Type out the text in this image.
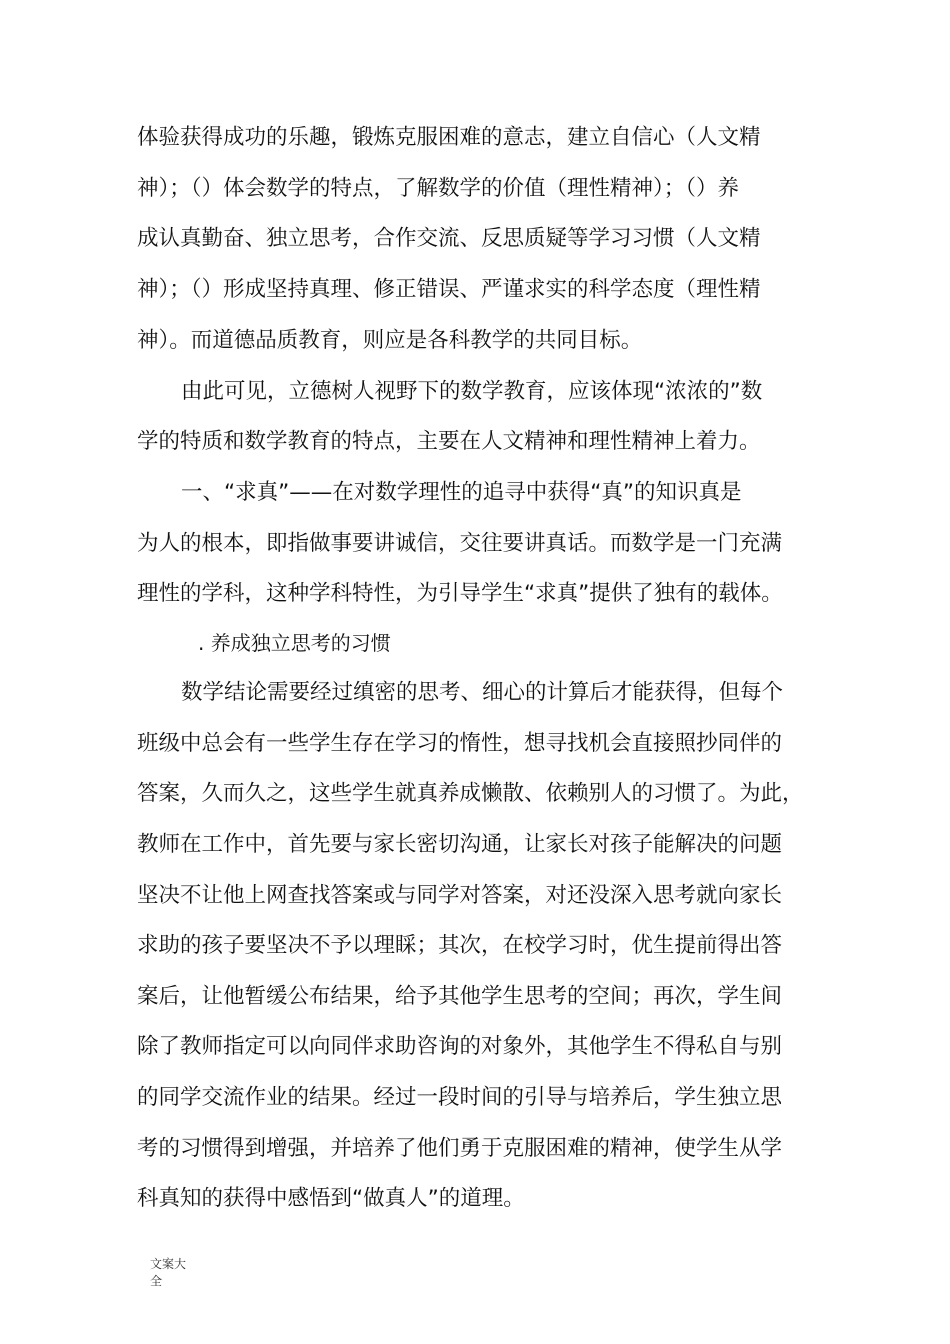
体验获得成功的乐趣，锻炼克服困难的意志，建立自信心（人文精
神）；（）体会数学的特点，了解数学的价值（理性精神）；（）养
成认真勤奋、独立思考，合作交流、反思质疑等学习习惯（人文精
神）；（）形成坚持真理、修正错误、严谨求实的科学态度（理性精
神）。而道德品质教育，则应是各科教学的共同目标。
由此可见，立德树人视野下的数学教育，应该体现“浓浓的”数
学的特质和数学教育的特点，主要在人文精神和理性精神上着力。
一、“求真”——在对数学理性的追寻中获得“真”的知识真是
为人的根本，即指做事要讲诚信，交往要讲真话。而数学是一门充满
理性的学科，这种学科特性，为引导学生“求真”提供了独有的载体。
. 养成独立思考的习惯
数学结论需要经过缜密的思考、细心的计算后才能获得，但每个
班级中总会有一些学生存在学习的惰性，想寻找机会直接照抄同伴的
答案，久而久之，这些学生就真养成懒散、依赖别人的习惯了。为此，
教师在工作中，首先要与家长密切沟通，让家长对孩子能解决的问题
坚决不让他上网查找答案或与同学对答案，对还没深入思考就向家长
求助的孩子要坚决不予以理睬；其次，在校学习时，优生提前得出答
案后，让他暂缓公布结果，给予其他学生思考的空间；再次，学生间
除了教师指定可以向同伴求助咨询的对象外，其他学生不得私自与别
的同学交流作业的结果。经过一段时间的引导与培养后，学生独立思
考的习惯得到增强，并培养了他们勇于克服困难的精神，使学生从学
科真知的获得中感悟到“做真人”的道理。
文案大
全
